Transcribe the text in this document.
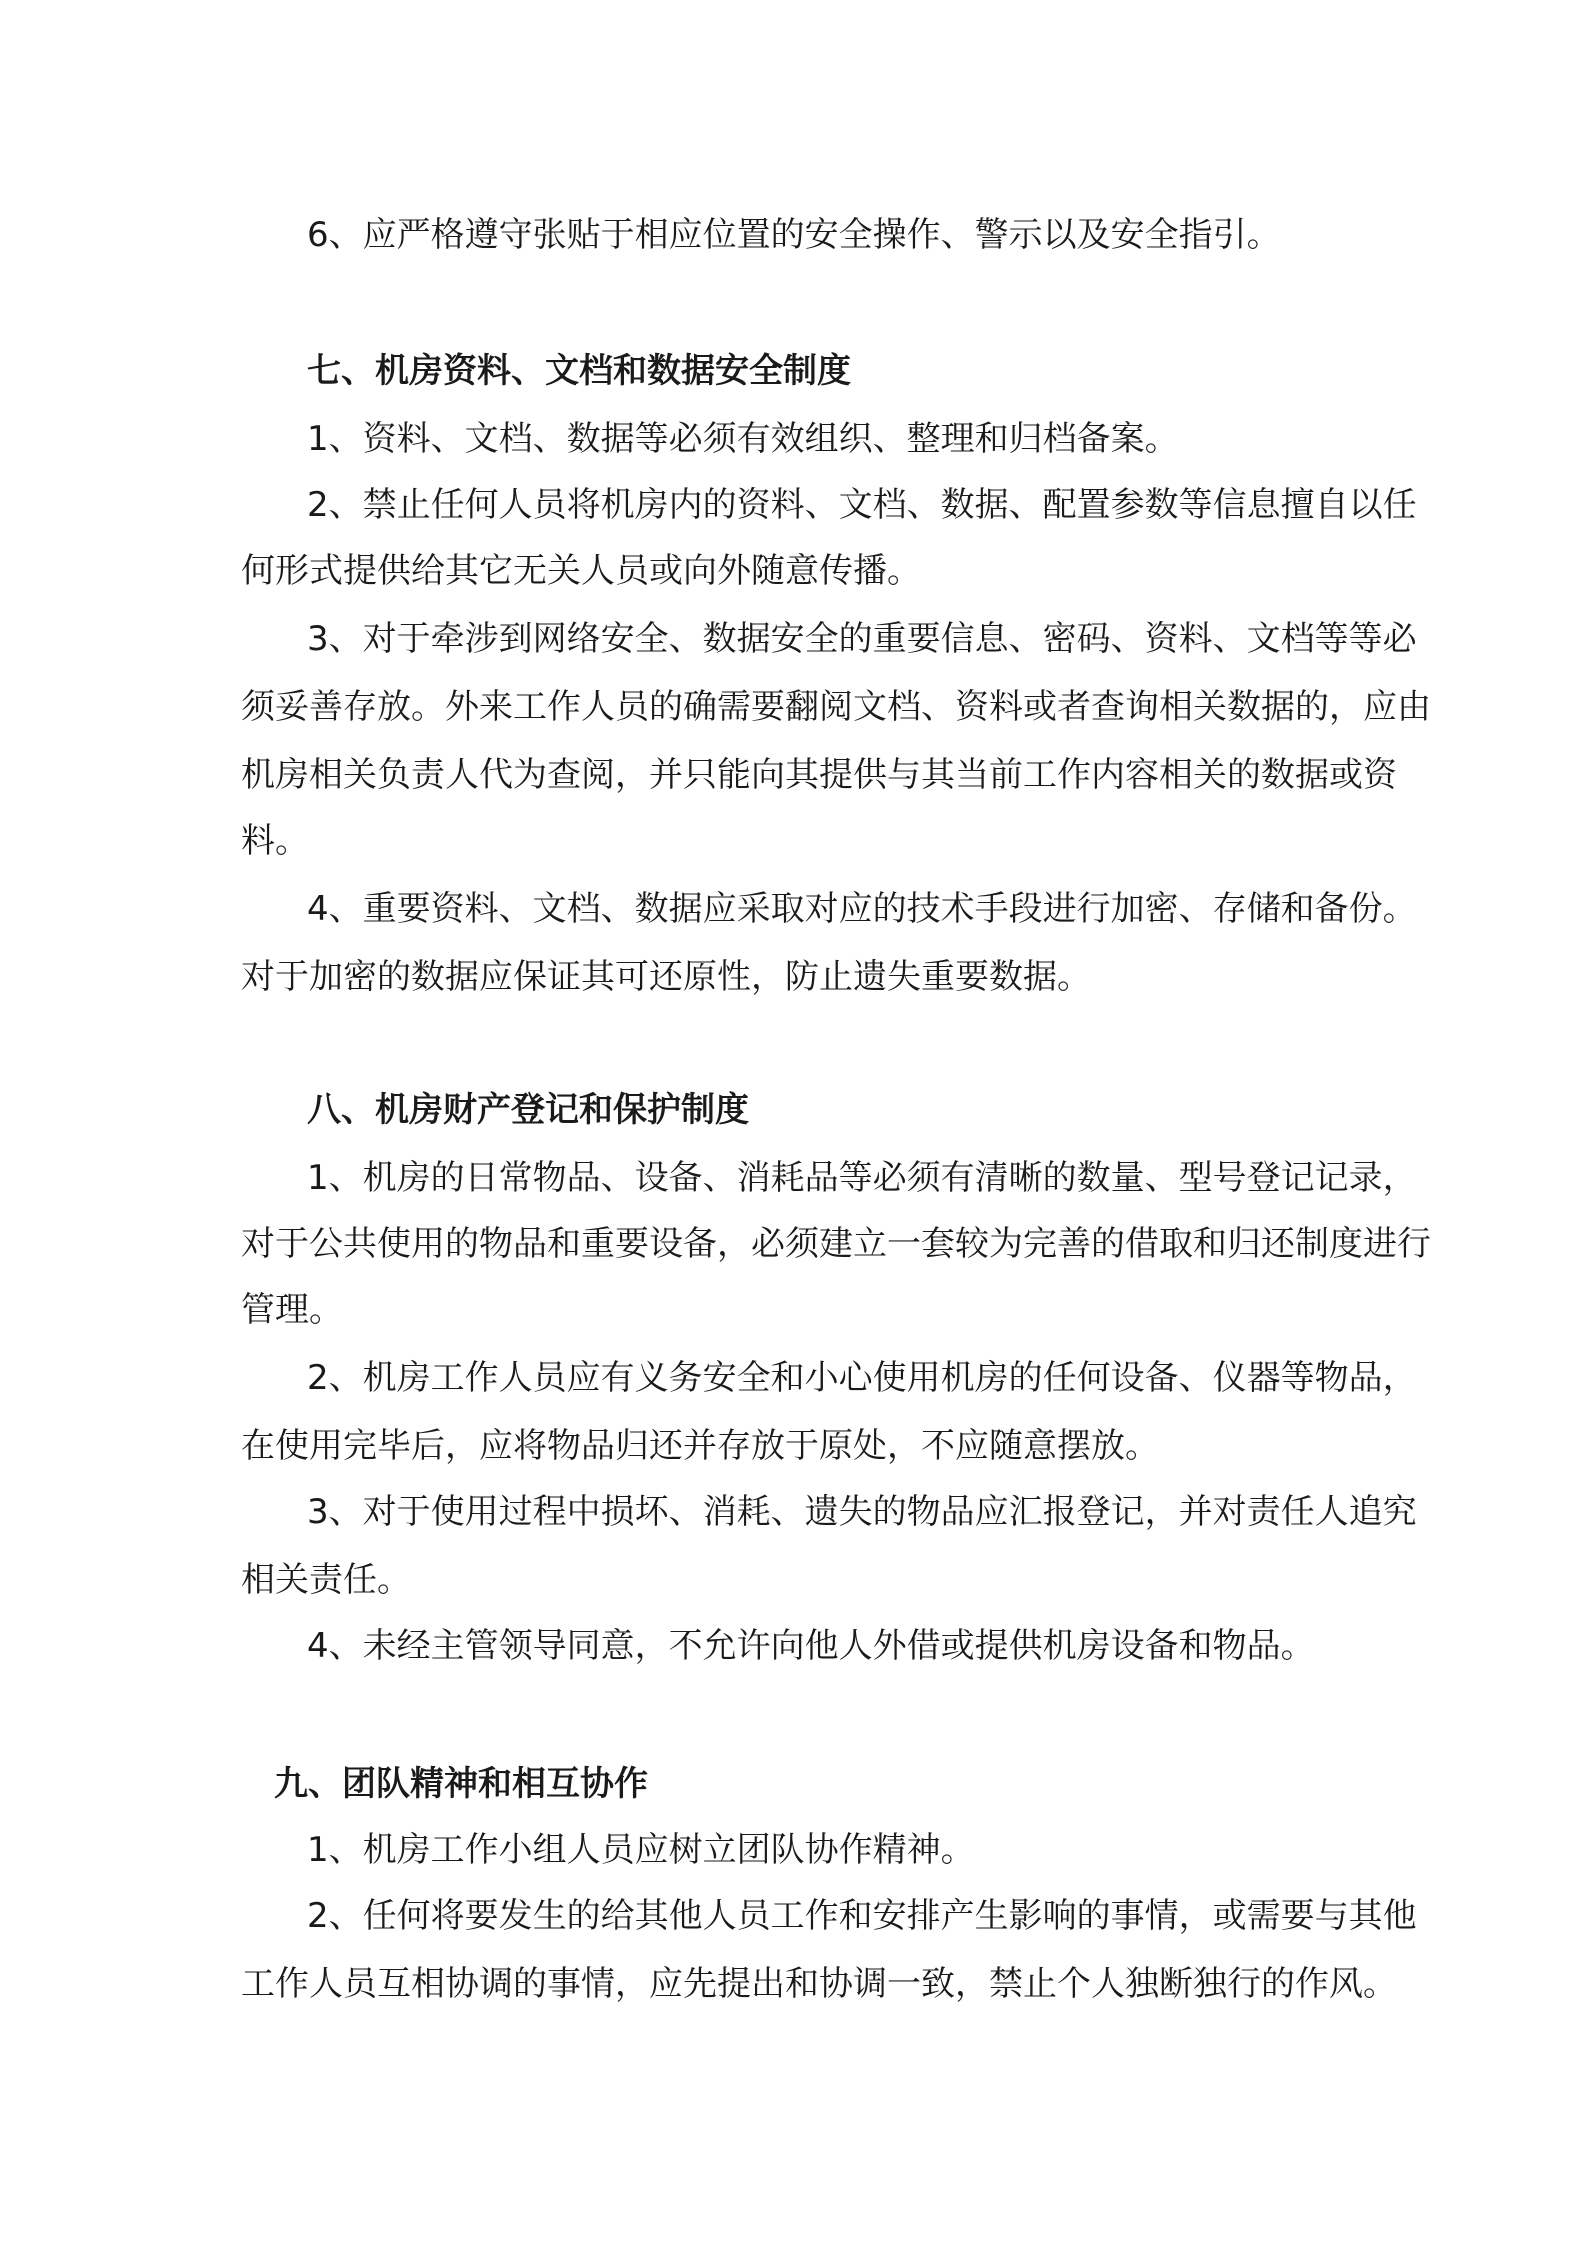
6、应严格遵守张贴于相应位置的安全操作、警示以及安全指引。
七、机房资料、文档和数据安全制度
1、资料、文档、数据等必须有效组织、整理和归档备案。
2、禁止任何人员将机房内的资料、文档、数据、配置参数等信息擅自以任
何形式提供给其它无关人员或向外随意传播。
3、对于牵涉到网络安全、数据安全的重要信息、密码、资料、文档等等必
须妥善存放。外来工作人员的确需要翻阅文档、资料或者查询相关数据的，应由
机房相关负责人代为查阅，并只能向其提供与其当前工作内容相关的数据或资
料。
4、重要资料、文档、数据应采取对应的技术手段进行加密、存储和备份。
对于加密的数据应保证其可还原性，防止遗失重要数据。
八、机房财产登记和保护制度
1、机房的日常物品、设备、消耗品等必须有清晰的数量、型号登记记录，
对于公共使用的物品和重要设备，必须建立一套较为完善的借取和归还制度进行
管理。
2、机房工作人员应有义务安全和小心使用机房的任何设备、仪器等物品，
在使用完毕后，应将物品归还并存放于原处，不应随意摆放。
3、对于使用过程中损坏、消耗、遗失的物品应汇报登记，并对责任人追究
相关责任。
4、未经主管领导同意，不允许向他人外借或提供机房设备和物品。
九、团队精神和相互协作
1、机房工作小组人员应树立团队协作精神。
2、任何将要发生的给其他人员工作和安排产生影响的事情，或需要与其他
工作人员互相协调的事情，应先提出和协调一致，禁止个人独断独行的作风。
